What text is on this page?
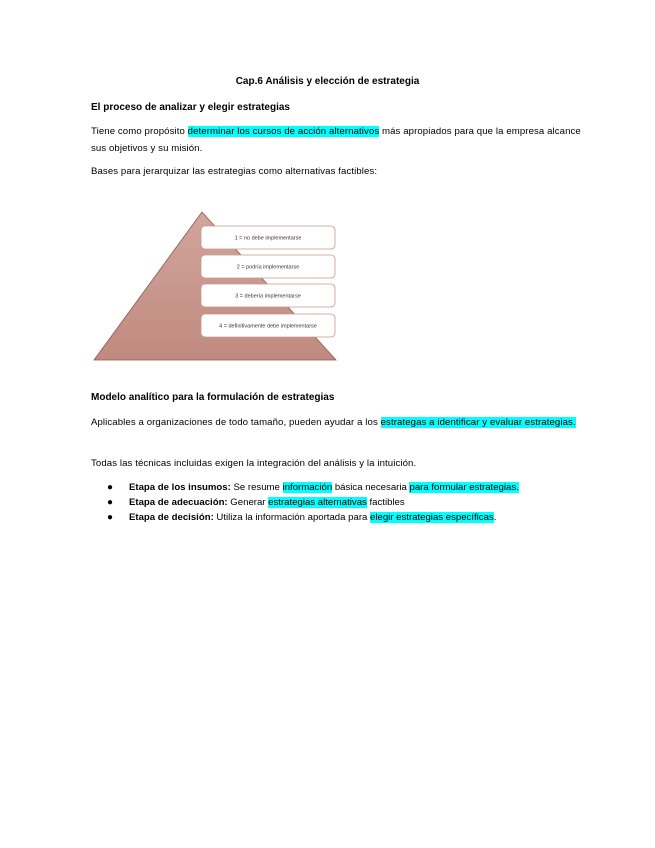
Cap.6 Análisis y elección de estrategia
El proceso de analizar y elegir estrategias
Tiene como propósito determinar los cursos de acción alternativos más apropiados para que la empresa alcance sus objetivos y su misión.
Bases para jerarquizar las estrategias como alternativas factibles:
1 = no debe implementarse
2 = podría implementarse
3 = debería implementarse
4 = definitivamente debe implementarse
Modelo analítico para la formulación de estrategias
Aplicables a organizaciones de todo tamaño, pueden ayudar a los estrategas a identificar y evaluar estrategias.
Todas las técnicas incluidas exigen la integración del análisis y la intuición.
● Etapa de los insumos: Se resume información básica necesaria para formular estrategias.
● Etapa de adecuación: Generar estrategias alternativas factibles
● Etapa de decisión: Utiliza la información aportada para elegir estrategias específicas.
